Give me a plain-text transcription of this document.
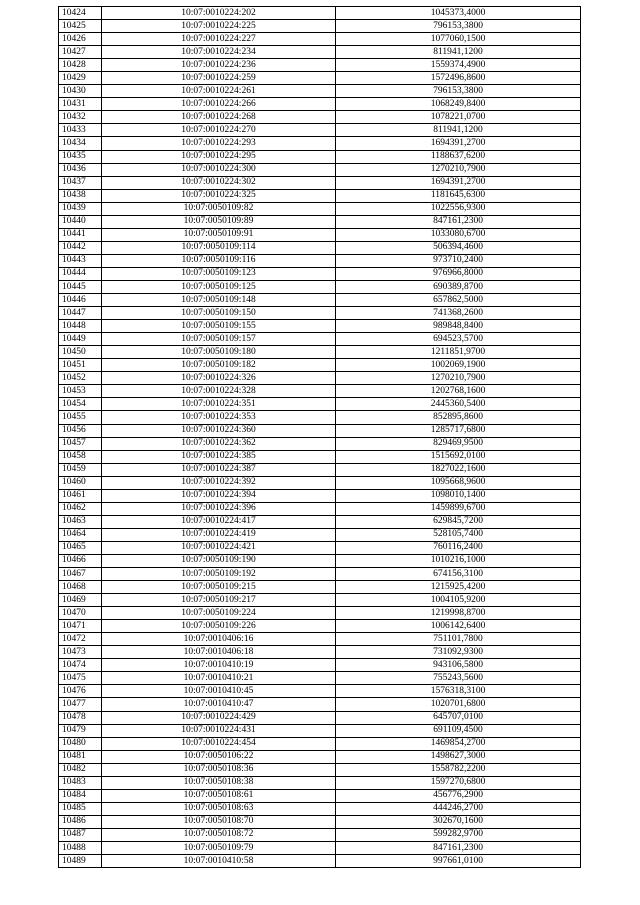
10424	10:07:0010224:202	1045373,4000
10425	10:07:0010224:225	796153,3800
10426	10:07:0010224:227	1077060,1500
10427	10:07:0010224:234	811941,1200
10428	10:07:0010224:236	1559374,4900
10429	10:07:0010224:259	1572496,8600
10430	10:07:0010224:261	796153,3800
10431	10:07:0010224:266	1068249,8400
10432	10:07:0010224:268	1078221,0700
10433	10:07:0010224:270	811941,1200
10434	10:07:0010224:293	1694391,2700
10435	10:07:0010224:295	1188637,6200
10436	10:07:0010224:300	1270210,7900
10437	10:07:0010224:302	1694391,2700
10438	10:07:0010224:325	1181645,6300
10439	10:07:0050109:82	1022556,9300
10440	10:07:0050109:89	847161,2300
10441	10:07:0050109:91	1033080,6700
10442	10:07:0050109:114	506394,4600
10443	10:07:0050109:116	973710,2400
10444	10:07:0050109:123	976966,8000
10445	10:07:0050109:125	690389,8700
10446	10:07:0050109:148	657862,5000
10447	10:07:0050109:150	741368,2600
10448	10:07:0050109:155	989848,8400
10449	10:07:0050109:157	694523,5700
10450	10:07:0050109:180	1211851,9700
10451	10:07:0050109:182	1002069,1900
10452	10:07:0010224:326	1270210,7900
10453	10:07:0010224:328	1202768,1600
10454	10:07:0010224:351	2445360,5400
10455	10:07:0010224:353	852895,8600
10456	10:07:0010224:360	1285717,6800
10457	10:07:0010224:362	829469,9500
10458	10:07:0010224:385	1515692,0100
10459	10:07:0010224:387	1827022,1600
10460	10:07:0010224:392	1095668,9600
10461	10:07:0010224:394	1098010,1400
10462	10:07:0010224:396	1459899,6700
10463	10:07:0010224:417	629845,7200
10464	10:07:0010224:419	528105,7400
10465	10:07:0010224:421	760116,2400
10466	10:07:0050109:190	1010216,1000
10467	10:07:0050109:192	674156,3100
10468	10:07:0050109:215	1215925,4200
10469	10:07:0050109:217	1004105,9200
10470	10:07:0050109:224	1219998,8700
10471	10:07:0050109:226	1006142,6400
10472	10:07:0010406:16	751101,7800
10473	10:07:0010406:18	731092,9300
10474	10:07:0010410:19	943106,5800
10475	10:07:0010410:21	755243,5600
10476	10:07:0010410:45	1576318,3100
10477	10:07:0010410:47	1020701,6800
10478	10:07:0010224:429	645707,0100
10479	10:07:0010224:431	691109,4500
10480	10:07:0010224:454	1469854,2700
10481	10:07:0050106:22	1498627,3000
10482	10:07:0050108:36	1558782,2200
10483	10:07:0050108:38	1597270,6800
10484	10:07:0050108:61	456776,2900
10485	10:07:0050108:63	444246,2700
10486	10:07:0050108:70	302670,1600
10487	10:07:0050108:72	599282,9700
10488	10:07:0050109:79	847161,2300
10489	10:07:0010410:58	997661,0100
